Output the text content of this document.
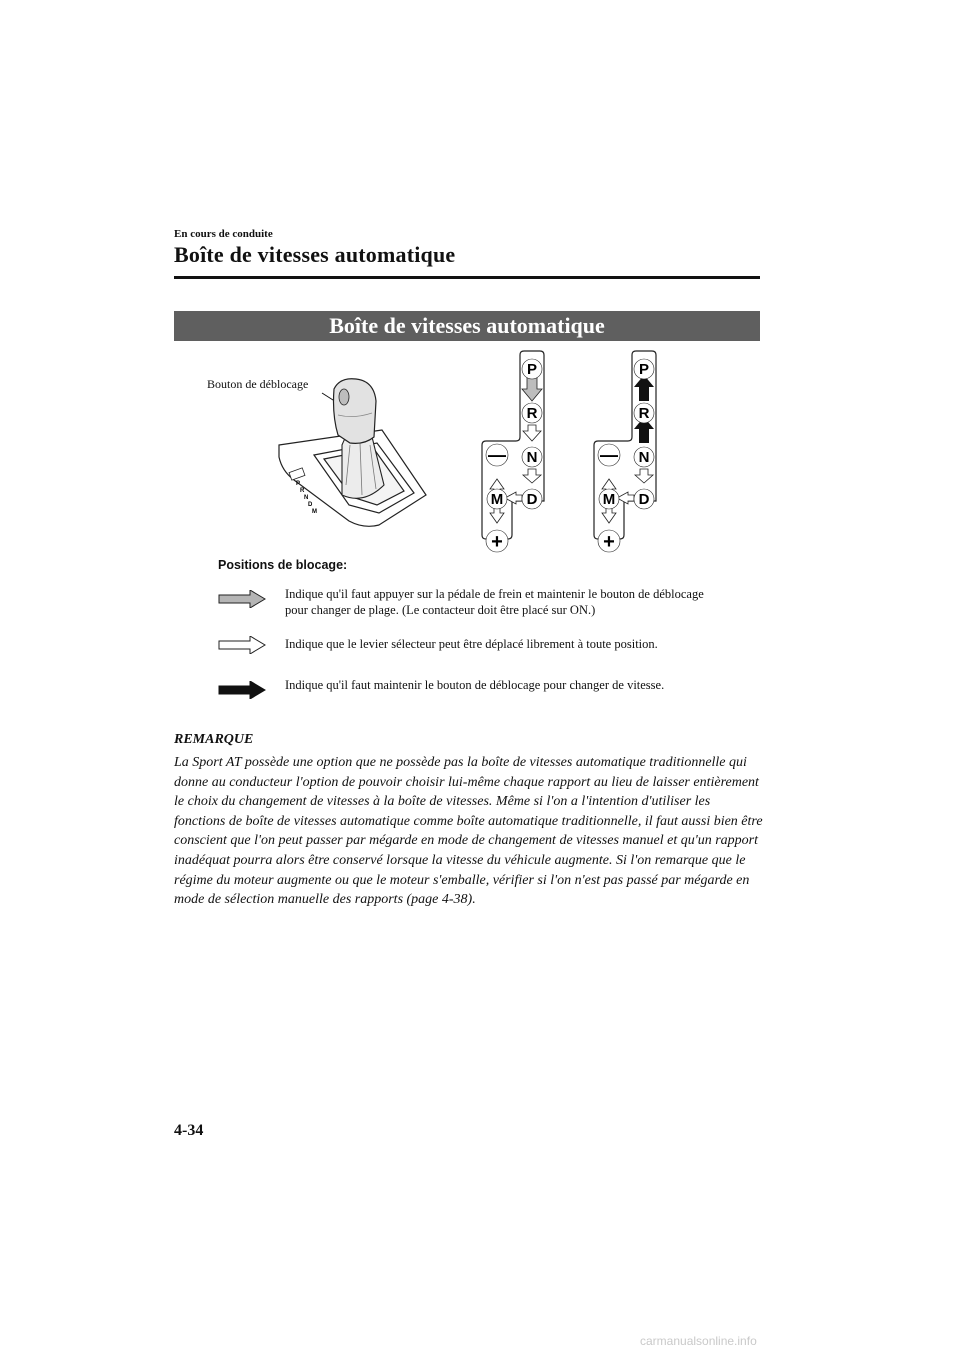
En cours de conduite
Boîte de vitesses automatique
Boîte de vitesses automatique
P
R
N
D
M
P
R
N
D
M
—
+
P
R
N
D
M
—
+
Bouton de déblocage
Positions de blocage:
Indique qu'il faut appuyer sur la pédale de frein et maintenir le bouton de déblocage pour changer de plage. (Le contacteur doit être placé sur ON.)
Indique que le levier sélecteur peut être déplacé librement à toute position.
Indique qu'il faut maintenir le bouton de déblocage pour changer de vitesse.
REMARQUE
La Sport AT possède une option que ne possède pas la boîte de vitesses automatique traditionnelle qui donne au conducteur l'option de pouvoir choisir lui-même chaque rapport au lieu de laisser entièrement le choix du changement de vitesses à la boîte de vitesses. Même si l'on a l'intention d'utiliser les fonctions de boîte de vitesses automatique comme boîte automatique traditionnelle, il faut aussi bien être conscient que l'on peut passer par mégarde en mode de changement de vitesses manuel et qu'un rapport inadéquat pourra alors être conservé lorsque la vitesse du véhicule augmente. Si l'on remarque que le régime du moteur augmente ou que le moteur s'emballe, vérifier si l'on n'est pas passé par mégarde en mode de sélection manuelle des rapports (page 4-38).
4-34
carmanualsonline.info
